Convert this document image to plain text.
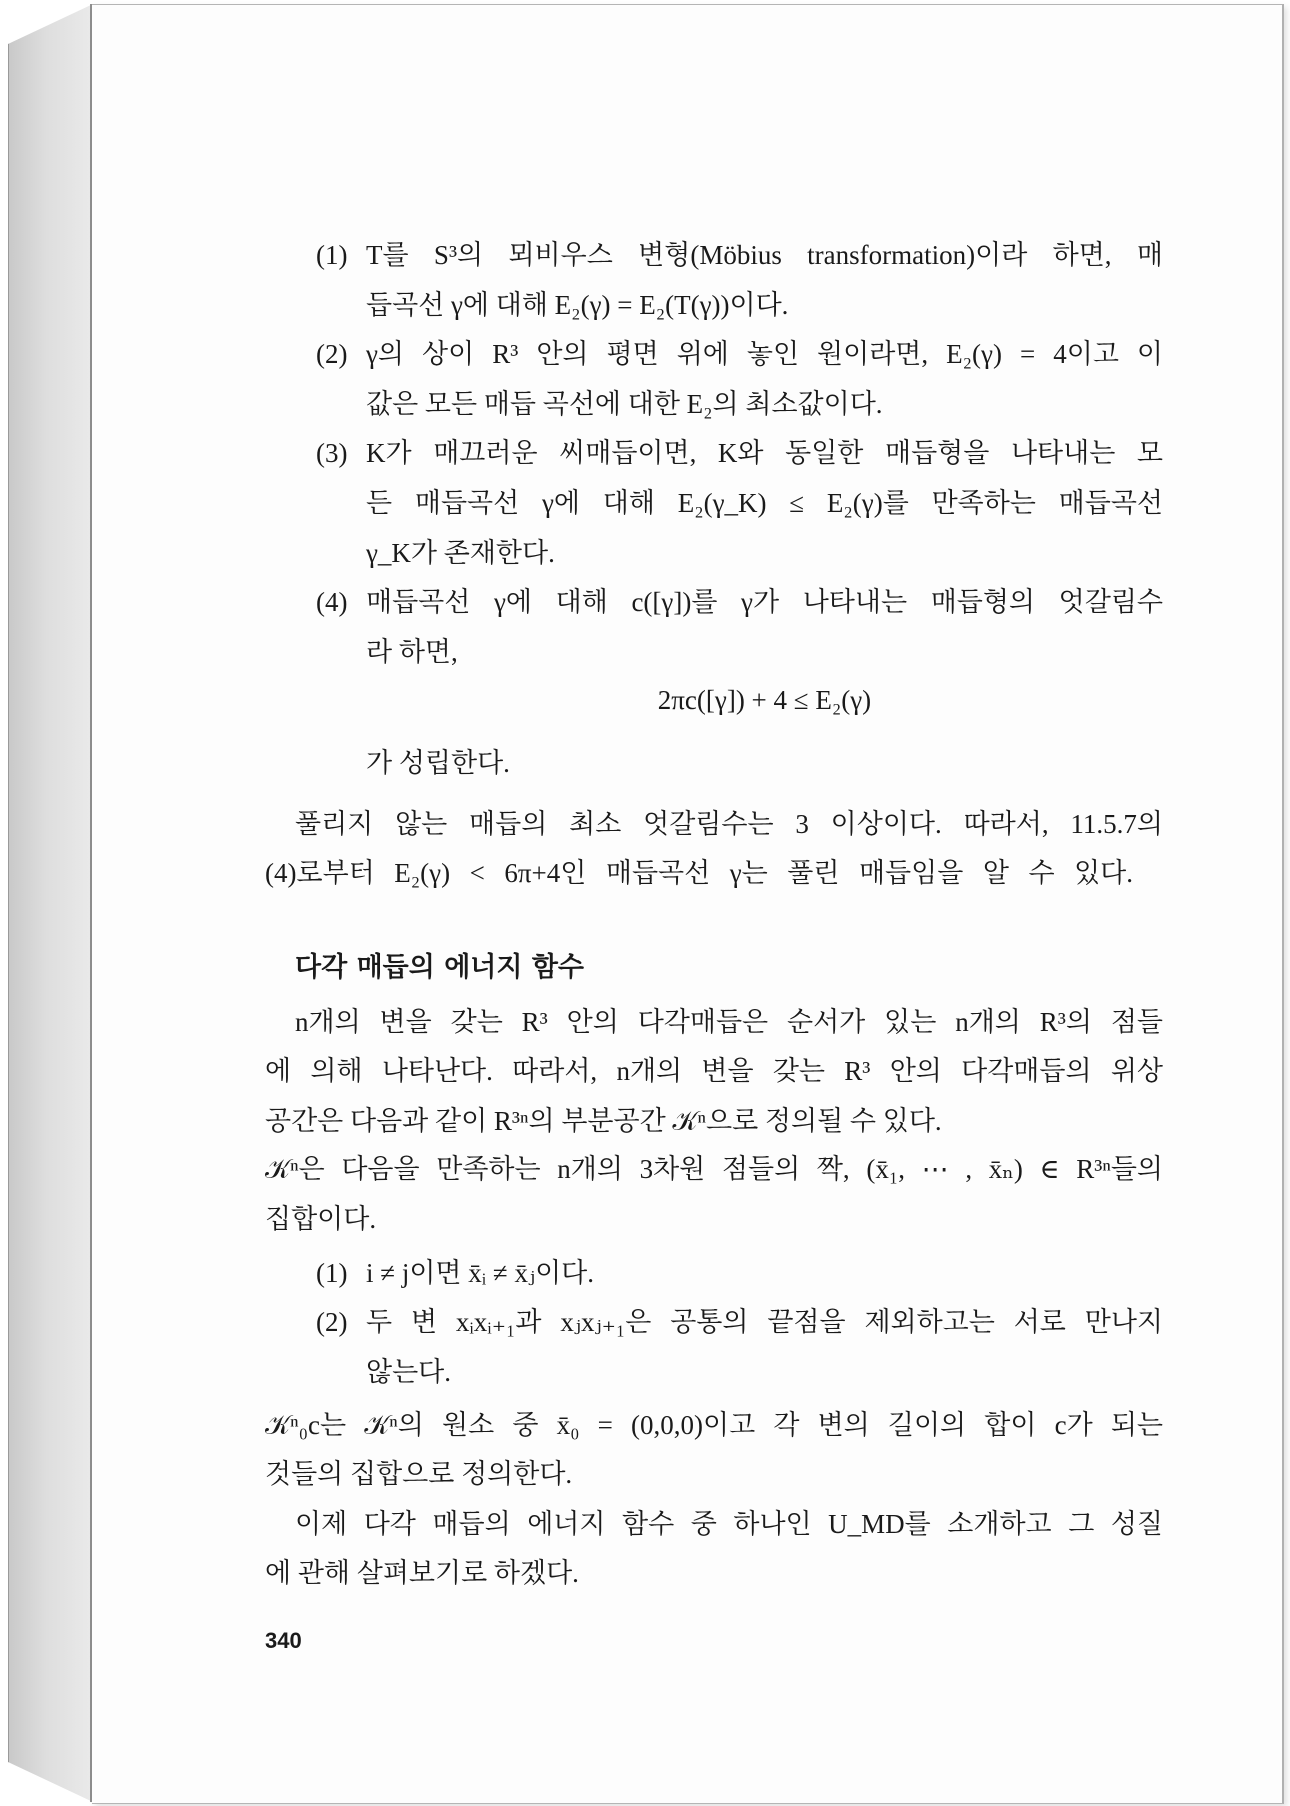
(1) T를 S³의 뫼비우스 변형(Möbius transformation)이라 하면, 매
듭곡선 γ에 대해 E₂(γ) = E₂(T(γ))이다.
(2) γ의 상이 R³ 안의 평면 위에 놓인 원이라면, E₂(γ) = 4이고 이
값은 모든 매듭 곡선에 대한 E₂의 최소값이다.
(3) K가 매끄러운 씨매듭이면, K와 동일한 매듭형을 나타내는 모
든 매듭곡선 γ에 대해 E₂(γ_K) ≤ E₂(γ)를 만족하는 매듭곡선
γ_K가 존재한다.
(4) 매듭곡선 γ에 대해 c([γ])를 γ가 나타내는 매듭형의 엇갈림수
라 하면,
2πc([γ]) + 4 ≤ E₂(γ)
가 성립한다.
풀리지 않는 매듭의 최소 엇갈림수는 3 이상이다. 따라서, 11.5.7의
(4)로부터 E₂(γ) < 6π+4인 매듭곡선 γ는 풀린 매듭임을 알 수 있다.
다각 매듭의 에너지 함수
n개의 변을 갖는 R³ 안의 다각매듭은 순서가 있는 n개의 R³의 점들
에 의해 나타난다. 따라서, n개의 변을 갖는 R³ 안의 다각매듭의 위상
공간은 다음과 같이 R³ⁿ의 부분공간 𝒦ⁿ으로 정의될 수 있다.
𝒦ⁿ은 다음을 만족하는 n개의 3차원 점들의 짝, (x̄₁, ⋯ , x̄ₙ) ∈ R³ⁿ들의
집합이다.
(1) i ≠ j이면 x̄ᵢ ≠ x̄ⱼ이다.
(2) 두 변 xᵢxᵢ₊₁과 xⱼxⱼ₊₁은 공통의 끝점을 제외하고는 서로 만나지
않는다.
𝒦ⁿ₀c는 𝒦ⁿ의 원소 중 x̄₀ = (0,0,0)이고 각 변의 길이의 합이 c가 되는
것들의 집합으로 정의한다.
이제 다각 매듭의 에너지 함수 중 하나인 U_MD를 소개하고 그 성질
에 관해 살펴보기로 하겠다.
340
